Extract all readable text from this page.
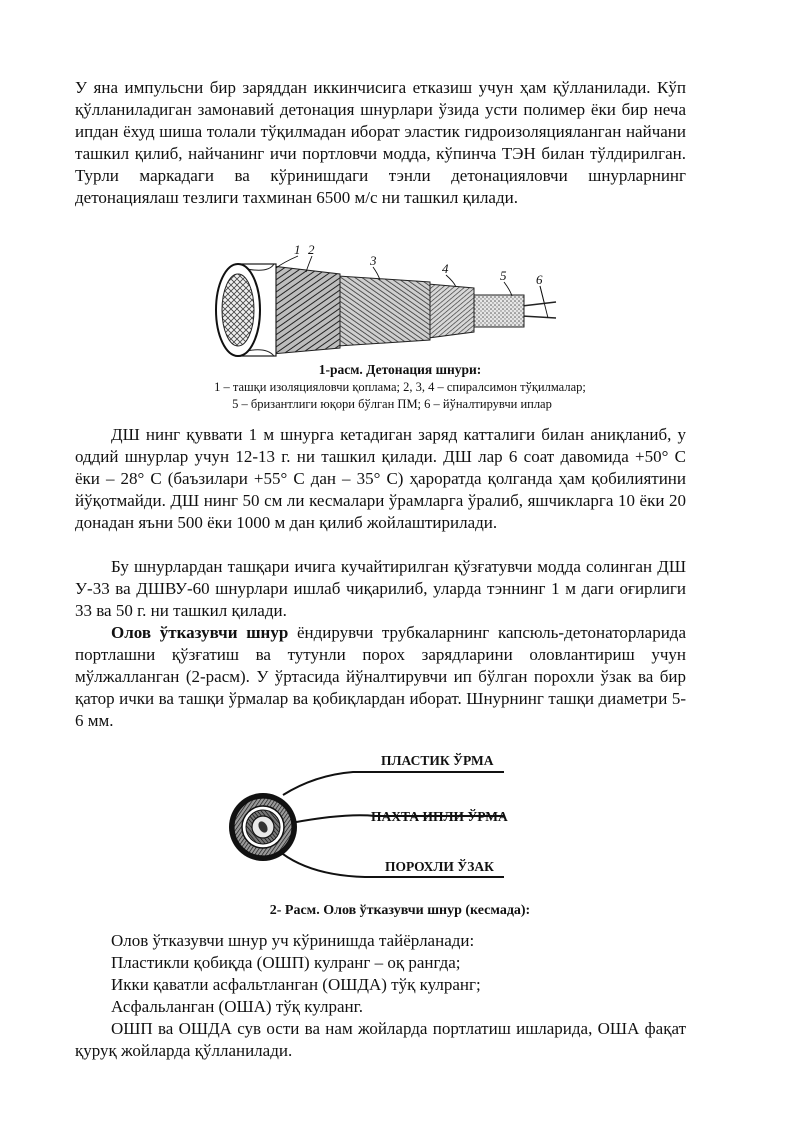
У яна импульсни бир заряддан иккинчисига етказиш учун ҳам қўлланилади. Кўп қўлланиладиган замонавий детонация шнурлари ўзида усти полимер ёки бир неча ипдан ёхуд шиша толали тўқилмадан иборат эластик гидроизоляцияланган найчани ташкил қилиб, найчанинг ичи портловчи модда, кўпинча ТЭН билан тўлдирилган. Турли маркадаги ва кўринишдаги тэнли детонацияловчи шнурларнинг детонациялаш тезлиги тахминан 6500 м/с ни ташкил қилади.

1 2
3
4	5 6

1-расм. Детонация шнури:

1 – ташқи изоляцияловчи қоплама; 2, 3, 4 – спиралсимон тўқилмалар;

5 – бризантлиги юқори бўлган ПМ; 6 – йўналтирувчи иплар

ДШ нинг қуввати 1 м шнурга кетадиган заряд катталиги билан аниқланиб, у оддий шнурлар учун 12-13 г. ни ташкил қилади. ДШ лар 6 соат давомида +50° С ёки – 28° С (баъзилари +55° С дан – 35° С) ҳароратда қолганда ҳам қобилиятини йўқотмайди. ДШ нинг 50 см ли кесмалари ўрамларга ўралиб, яшчикларга 10 ёки 20 донадан яъни 500 ёки 1000 м дан қилиб жойлаштирилади.

Бу шнурлардан ташқари ичига кучайтирилган қўзғатувчи модда солинган ДШ У-33 ва ДШВУ-60 шнурлари ишлаб чиқарилиб, уларда тэннинг 1 м даги оғирлиги 33 ва 50 г. ни ташкил қилади.

Олов ўтказувчи шнур ёндирувчи трубкаларнинг капсюль-детонаторларида портлашни қўзғатиш ва тутунли порох зарядларини оловлантириш учун мўлжалланган (2-расм). У ўртасида йўналтирувчи ип бўлган порохли ўзак ва бир қатор ички ва ташқи ўрмалар ва қобиқлардан иборат. Шнурнинг ташқи диаметри 5-6 мм.

ПЛАСТИК ЎРМА
ПАХТА ИПЛИ ЎРМА
ПОРОХЛИ ЎЗАК

2- Расм. Олов ўтказувчи шнур (кесмада):

Олов ўтказувчи шнур уч кўринишда тайёрланади:

Пластикли қобиқда (ОШП) кулранг – оқ рангда;

Икки қаватли асфальтланган (ОШДА) тўқ кулранг;

Асфальланган (ОША) тўқ кулранг.

ОШП ва ОШДА сув ости ва нам жойларда портлатиш ишларида, ОША фақат қуруқ жойларда қўлланилади.
